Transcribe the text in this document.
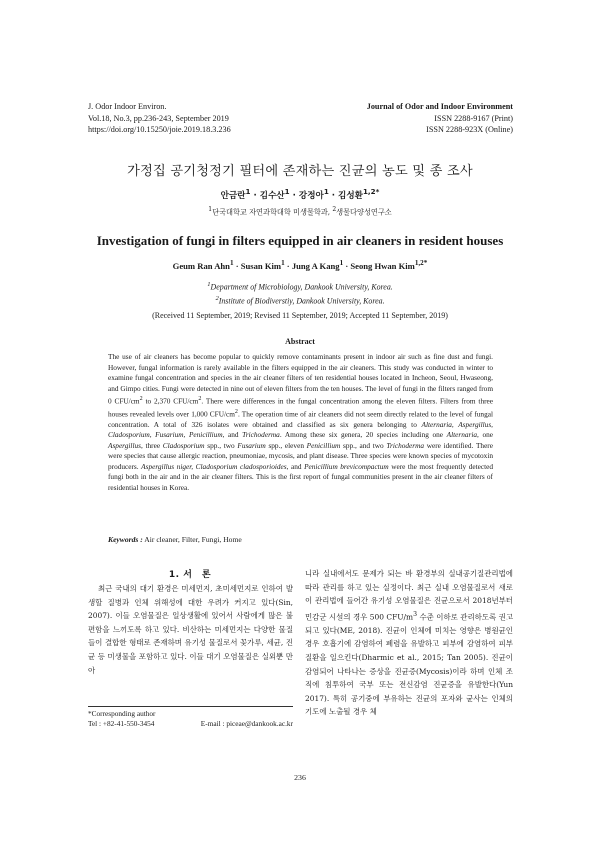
J. Odor Indoor Environ.
Vol.18, No.3, pp.236-243, September 2019
https://doi.org/10.15250/joie.2019.18.3.236
Journal of Odor and Indoor Environment
ISSN 2288-9167 (Print)
ISSN 2288-923X (Online)
가정집 공기청정기 필터에 존재하는 진균의 농도 및 종 조사
안금란$^1$ · 김수산$^1$ · 강정아$^1$ · 김성환$^{1,2*}$
$^1$단국대학교 자연과학대학 미생물학과, $^2$생물다양성연구소
Investigation of fungi in filters equipped in air cleaners in resident houses
Geum Ran Ahn$^1$ · Susan Kim$^1$ · Jung A Kang$^1$ · Seong Hwan Kim$^{1,2*}$
$^1$Department of Microbiology, Dankook University, Korea.
$^2$Institute of Biodiverstiy, Dankook University, Korea.
(Received 11 September, 2019; Revised 11 September, 2019; Accepted 11 September, 2019)
Abstract
The use of air cleaners has become popular to quickly remove contaminants present in indoor air such as fine dust and fungi. However, fungal information is rarely available in the filters equipped in the air cleaners. This study was conducted in winter to examine fungal concentration and species in the air cleaner filters of ten residential houses located in Incheon, Seoul, Hwaseong, and Gimpo cities. Fungi were detected in nine out of eleven filters from the ten houses. The level of fungi in the filters ranged from 0 CFU/$cm^2$ to 2,370 CFU/$cm^2$. There were differences in the fungal concentration among the eleven filters. Filters from three houses revealed levels over 1,000 CFU/$cm^2$. The operation time of air cleaners did not seem directly related to the level of fungal concentration. A total of 326 isolates were obtained and classified as six genera belonging to Alternaria, Aspergillus, Cladosporium, Fusarium, Penicillium, and Trichoderma. Among these six genera, 20 species including one Alternaria, one Aspergillus, three Cladosporium spp., two Fusarium spp., eleven Penicillium spp., and two Trichoderma were identified. There were species that cause allergic reaction, pneumoniae, mycosis, and plant disease. Three species were known species of mycotoxin producers. Aspergillus niger, Cladosporium cladosporioides, and Penicillium brevicompactum were the most frequently detected fungi both in the air and in the air cleaner filters. This is the first report of fungal communities present in the air cleaner filters of residential houses in Korea.
Keywords : Air cleaner, Filter, Fungi, Home
1. 서　론

최근 국내의 대기 환경은 미세먼지, 초미세먼지로 인하여 발생할 질병과 인체 위해성에 대한 우려가 커지고 있다(Sin, 2007). 이들 오염물질은 일상생활에 있어서 사람에게 많은 불편함을 느끼도록 하고 있다. 비산하는 미세먼지는 다양한 물질들이 결합한 형태로 존재하며 유기성 물질로서 꽃가루, 세균, 진균 등 미생물을 포함하고 있다. 이들 대기 오염물질은 실외뿐 만 아

*Corresponding author
Tel : +82-41-550-3454	E-mail : piceae@dankook.ac.kr

니라 실내에서도 문제가 되는 바 환경부의 실내공기질관리법에 따라 관리를 하고 있는 실정이다. 최근 실내 오염물질로서 새로이 관리법에 들어간 유기성 오염물질은 진균으로서 2018년부터 민감군 시설의 경우 500 CFU/$m^3$ 수준 이하로 관리하도록 권고되고 있다(ME, 2018). 진균이 인체에 미치는 영향은 병원균인 경우 호흡기에 감염하여 폐렴을 유발하고 피부에 감염하여 피부질환을 일으킨다(Dharmic et al., 2015; Tan 2005). 진균이 감염되어 나타나는 증상을 진균증(Mycosis)이라 하며 인체 조직에 침투하여 국부 또는 전신감염 진균증을 유발한다(Yun 2017). 특히 공기중에 부유하는 진균의 포자와 균사는 인체의 기도에 노출될 경우 체

236
